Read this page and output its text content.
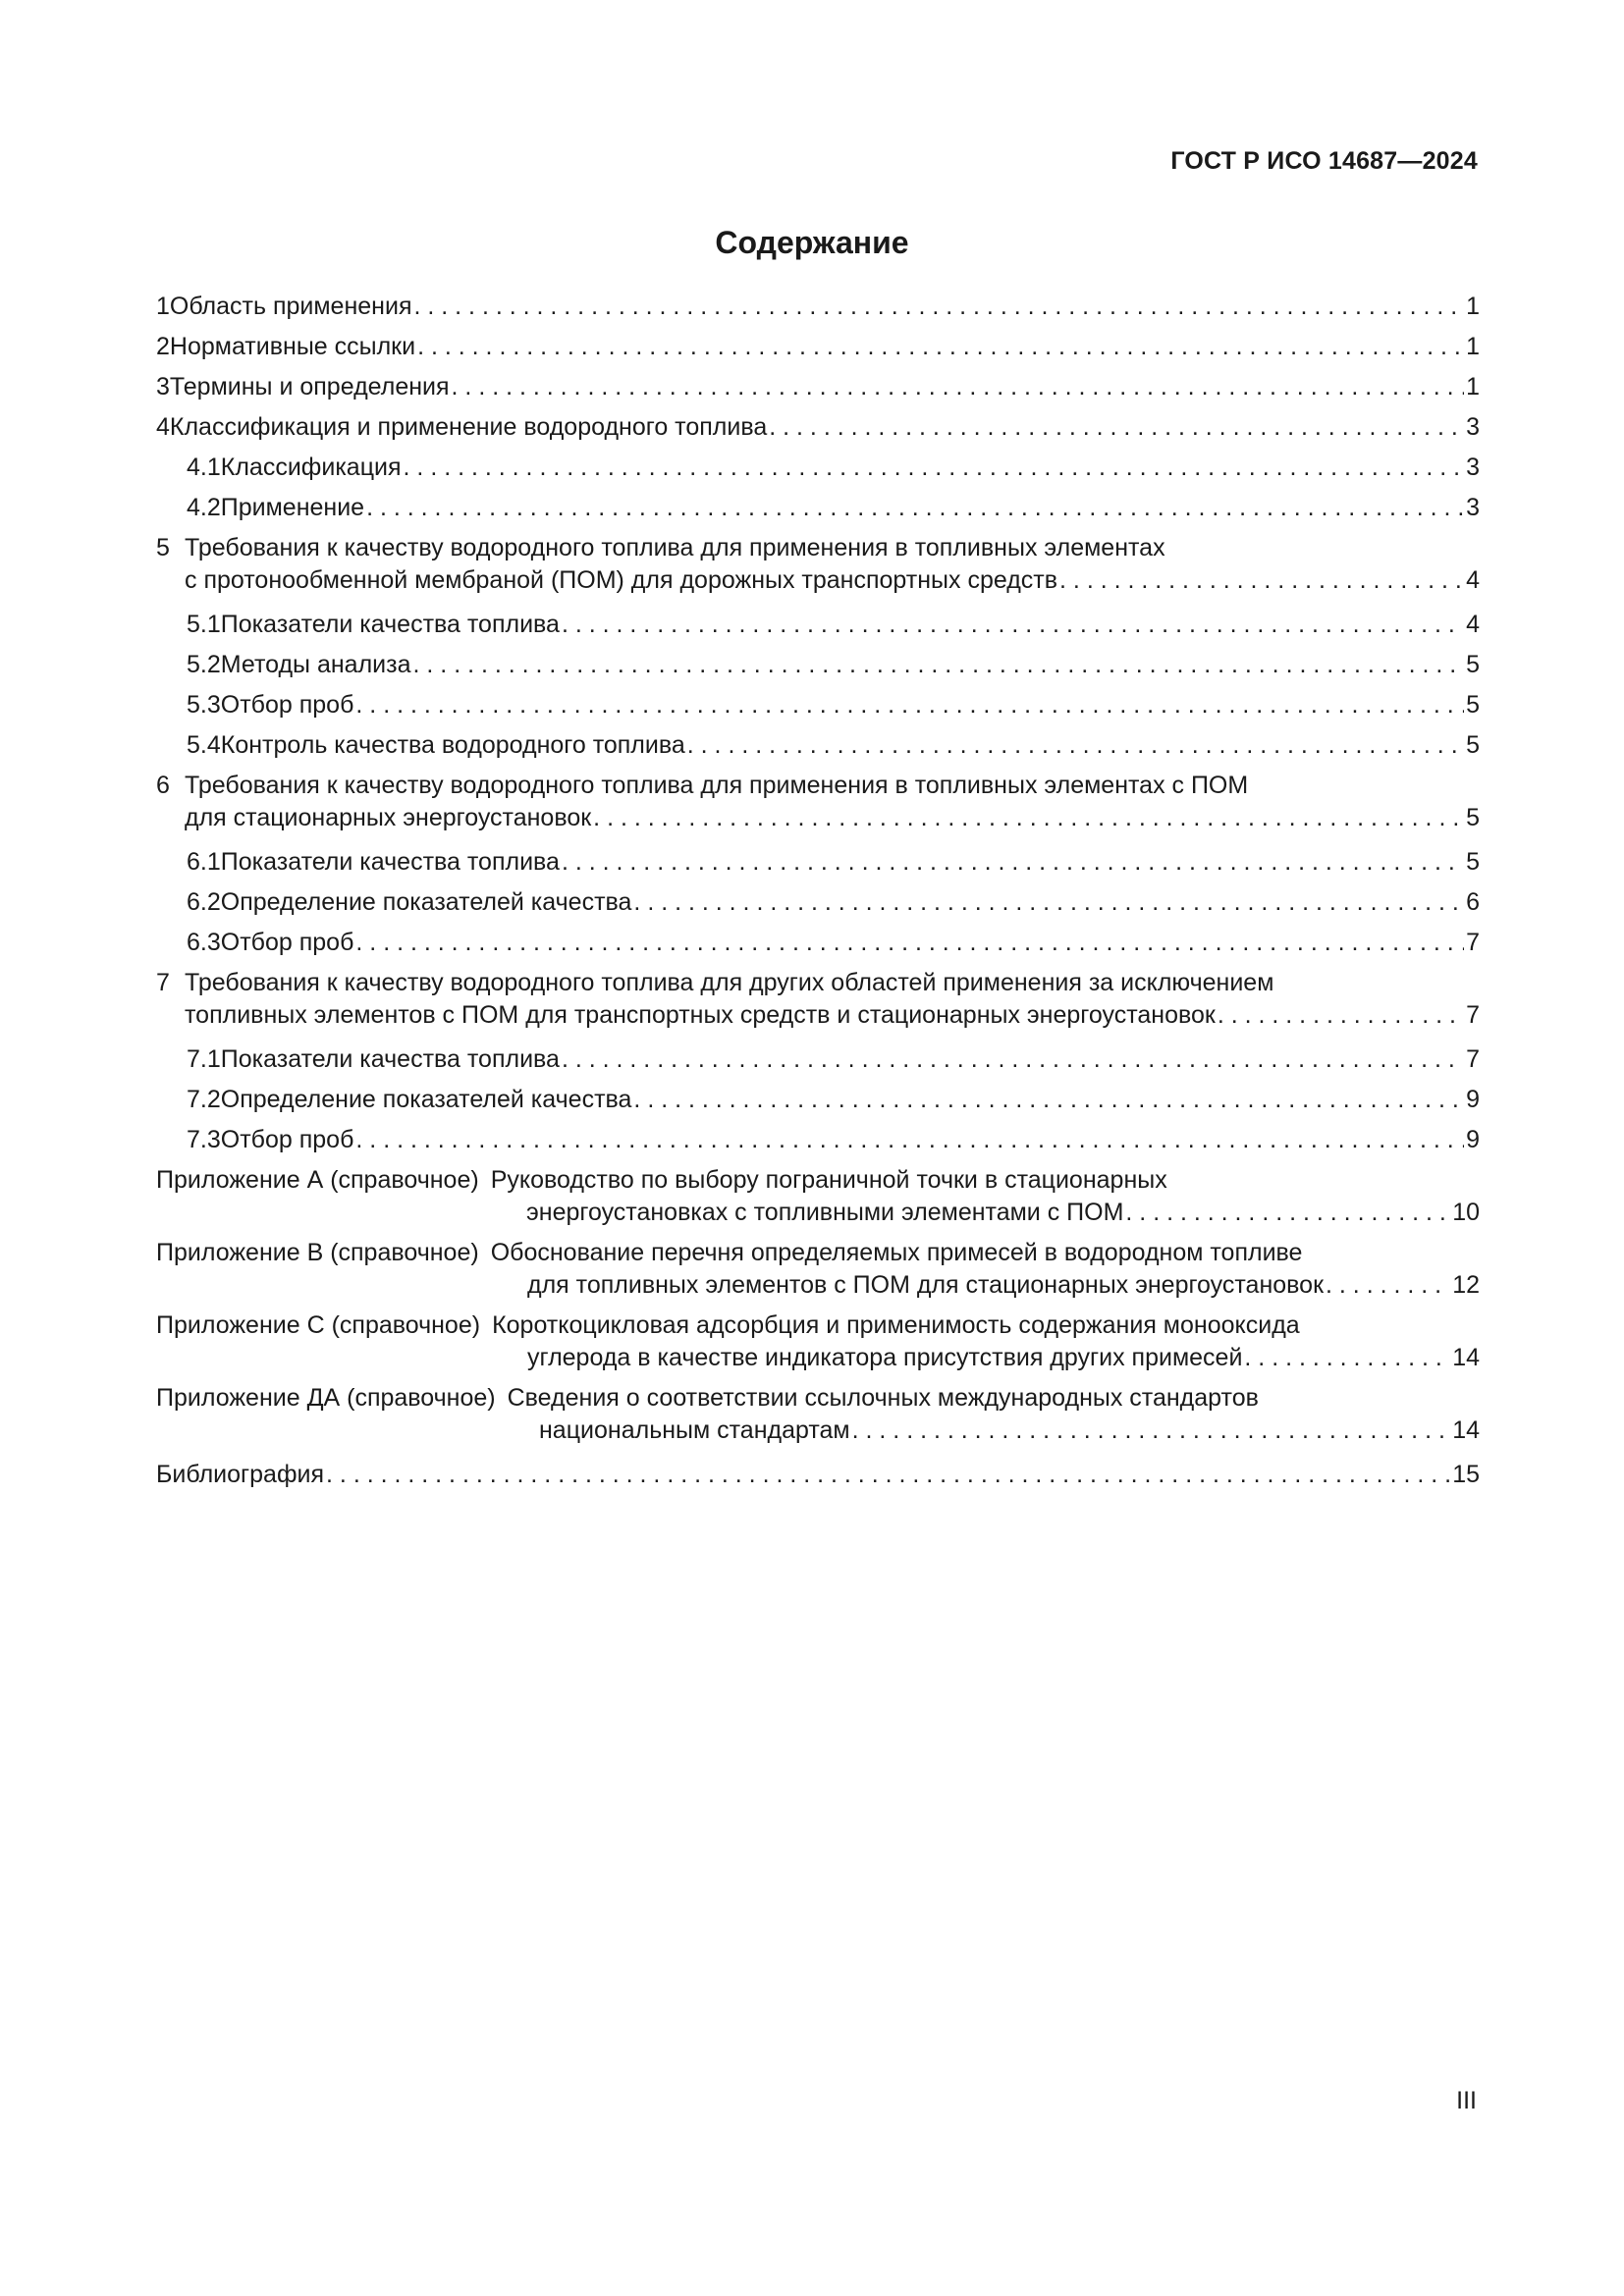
ГОСТ Р ИСО 14687—2024
Содержание
1 Область применения . . .	1
2 Нормативные ссылки . . .	1
3 Термины и определения . . .	1
4 Классификация и применение водородного топлива . . .	3
4.1 Классификация . . .	3
4.2 Применение . . .	3
5 Требования к качеству водородного топлива для применения в топливных элементах
с протонообменной мембраной (ПОМ) для дорожных транспортных средств . . .	4
5.1 Показатели качества топлива . . .	4
5.2 Методы анализа . . .	5
5.3 Отбор проб . . .	5
5.4 Контроль качества водородного топлива . . .	5
6 Требования к качеству водородного топлива для применения в топливных элементах с ПОМ
для стационарных энергоустановок . . .	5
6.1 Показатели качества топлива . . .	5
6.2 Определение показателей качества . . .	6
6.3 Отбор проб . . .	7
7 Требования к качеству водородного топлива для других областей применения за исключением
топливных элементов с ПОМ для транспортных средств и стационарных энергоустановок . . .	7
7.1 Показатели качества топлива . . .	7
7.2 Определение показателей качества . . .	9
7.3 Отбор проб . . .	9
Приложение А (справочное) Руководство по выбору пограничной точки в стационарных
энергоустановках с топливными элементами с ПОМ . . .	10
Приложение В (справочное) Обоснование перечня определяемых примесей в водородном топливе
для топливных элементов с ПОМ для стационарных энергоустановок . . .	12
Приложение С (справочное) Короткоцикловая адсорбция и применимость содержания монооксида
углерода в качестве индикатора присутствия других примесей . . .	14
Приложение ДА (справочное) Сведения о соответствии ссылочных международных стандартов
национальным стандартам . . .	14
Библиография . . .	15
III
